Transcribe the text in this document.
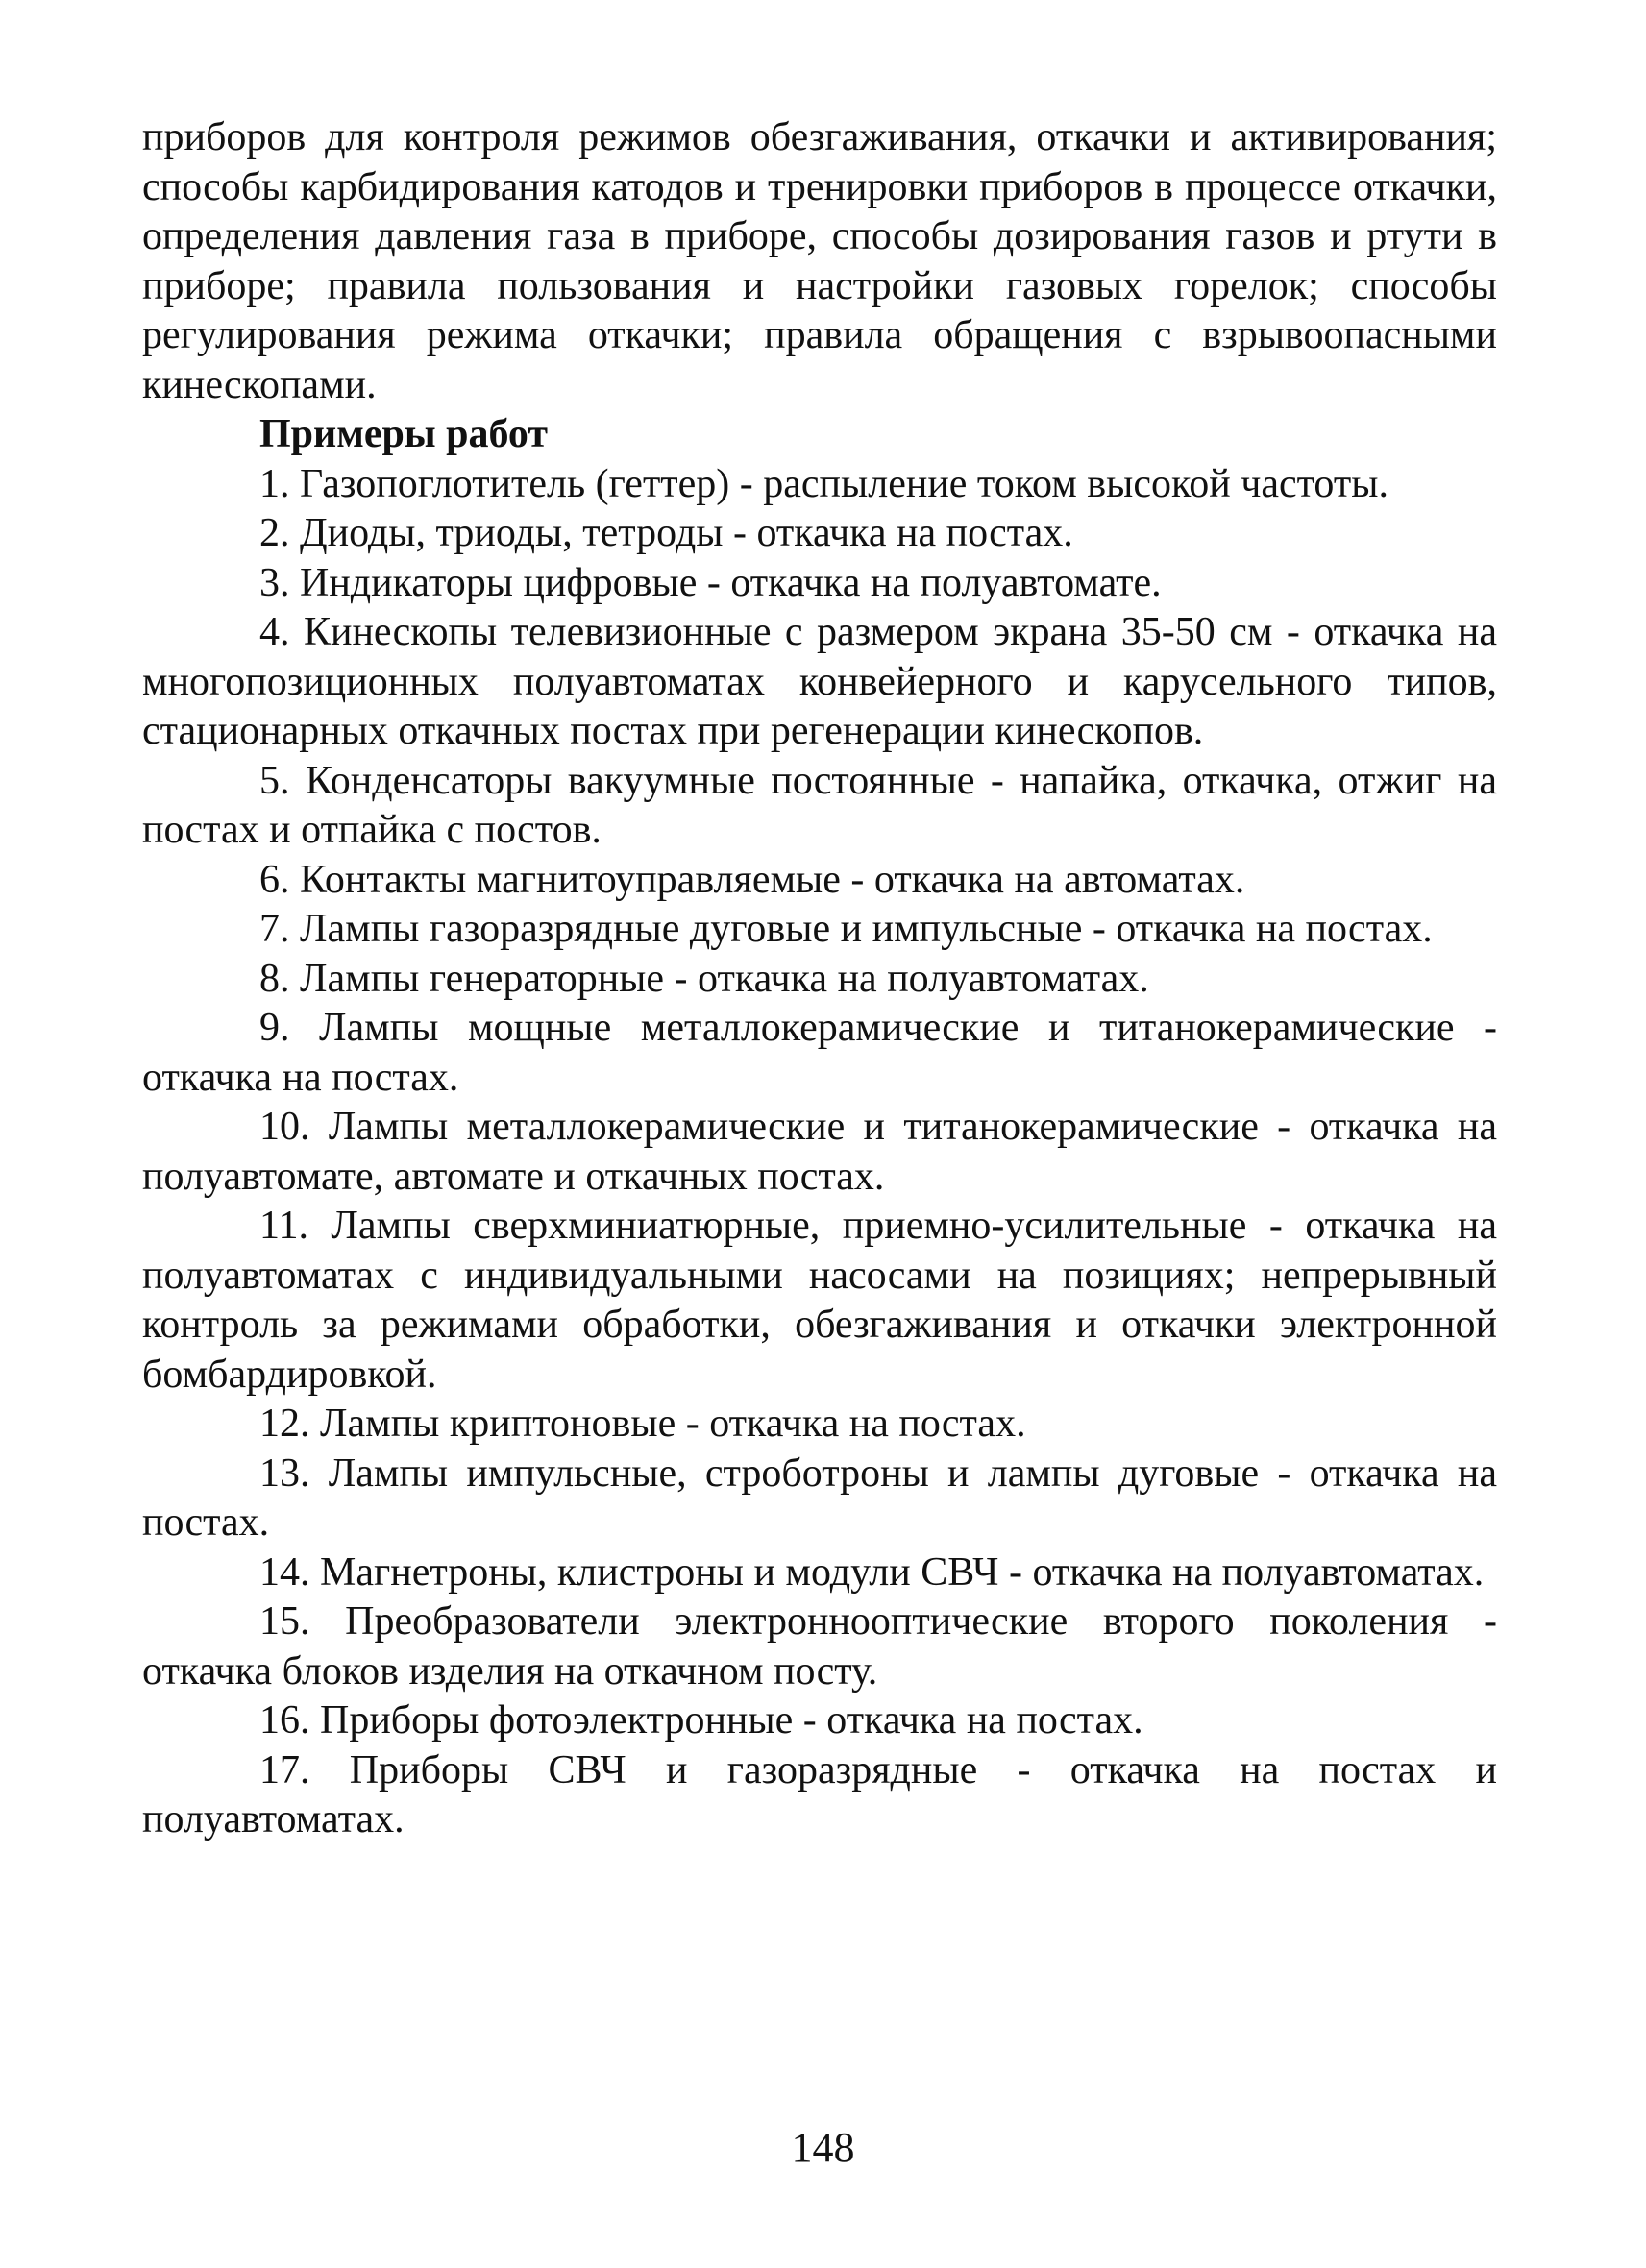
приборов для контроля режимов обезгаживания, откачки и активирования; способы карбидирования катодов и тренировки приборов в процессе откачки, определения давления газа в приборе, способы дозирования газов и ртути в приборе; правила пользования и настройки газовых горелок; способы регулирования режима откачки; правила обращения с взрывоопасными кинескопами.

Примеры работ

1. Газопоглотитель (геттер) - распыление током высокой частоты.

2. Диоды, триоды, тетроды - откачка на постах.

3. Индикаторы цифровые - откачка на полуавтомате.

4. Кинескопы телевизионные с размером экрана 35-50 см - откачка на многопозиционных полуавтоматах конвейерного и карусельного типов, стационарных откачных постах при регенерации кинескопов.

5. Конденсаторы вакуумные постоянные - напайка, откачка, отжиг на постах и отпайка с постов.

6. Контакты магнитоуправляемые - откачка на автоматах.

7. Лампы газоразрядные дуговые и импульсные - откачка на постах.

8. Лампы генераторные - откачка на полуавтоматах.

9. Лампы мощные металлокерамические и титанокерамические - откачка на постах.

10. Лампы металлокерамические и титанокерамические - откачка на полуавтомате, автомате и откачных постах.

11. Лампы сверхминиатюрные, приемно-усилительные - откачка на полуавтоматах с индивидуальными насосами на позициях; непрерывный контроль за режимами обработки, обезгаживания и откачки электронной бомбардировкой.

12. Лампы криптоновые - откачка на постах.

13. Лампы импульсные, строботроны и лампы дуговые - откачка на постах.

14. Магнетроны, клистроны и модули СВЧ - откачка на полуавтоматах.

15. Преобразователи электроннооптические второго поколения - откачка блоков изделия на откачном посту.

16. Приборы фотоэлектронные - откачка на постах.

17. Приборы СВЧ и газоразрядные - откачка на постах и полуавтоматах.

148
